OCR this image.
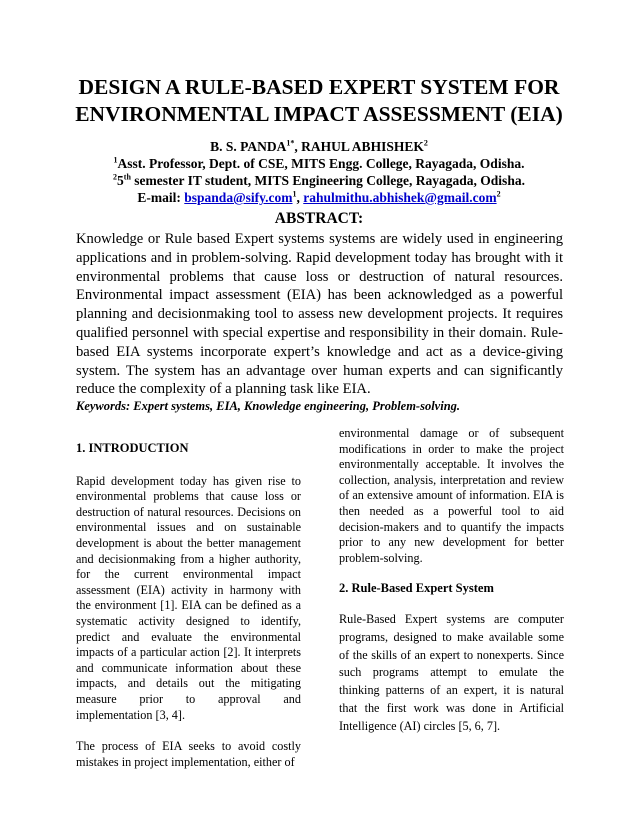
DESIGN A RULE-BASED EXPERT SYSTEM FOR
ENVIRONMENTAL IMPACT ASSESSMENT (EIA)
B. S. $PANDA^{1*}$, RAHUL ABHISHEK$^2$
$^1$Asst. Professor, Dept. of CSE, MITS Engg. College, Rayagada, Odisha.
$^2$5th semester IT student, MITS Engineering College, Rayagada, Odisha.
E-mail: bspanda@sify.com$^1$, rahulmithu.abhishek@gmail.com$^2$
ABSTRACT:
Knowledge or Rule based Expert systems systems are widely used in engineering applications and in problem-solving. Rapid development today has brought with it environmental problems that cause loss or destruction of natural resources. Environmental impact assessment (EIA) has been acknowledged as a powerful planning and decisionmaking tool to assess new development projects. It requires qualified personnel with special expertise and responsibility in their domain. Rule-based EIA systems incorporate expert’s knowledge and act as a device-giving system. The system has an advantage over human experts and can significantly reduce the complexity of a planning task like EIA.
Keywords: Expert systems, EIA, Knowledge engineering, Problem-solving.

1. INTRODUCTION

Rapid development today has given rise to environmental problems that cause loss or destruction of natural resources. Decisions on environmental issues and on sustainable development is about the better management and decisionmaking from a higher authority, for the current environmental impact assessment (EIA) activity in harmony with the environment [1]. EIA can be defined as a systematic activity designed to identify, predict and evaluate the environmental impacts of a particular action [2]. It interprets and communicate information about these impacts, and details out the mitigating measure prior to approval and implementation [3, 4].

The process of EIA seeks to avoid costly mistakes in project implementation, either of

environmental damage or of subsequent modifications in order to make the project environmentally acceptable. It involves the collection, analysis, interpretation and review of an extensive amount of information. EIA is then needed as a powerful tool to aid decision-makers and to quantify the impacts prior to any new development for better problem-solving.

2. Rule-Based Expert System

Rule-Based Expert systems are computer programs, designed to make available some of the skills of an expert to nonexperts. Since such programs attempt to emulate the thinking patterns of an expert, it is natural that the first work was done in Artificial Intelligence (AI) circles [5, 6, 7].
